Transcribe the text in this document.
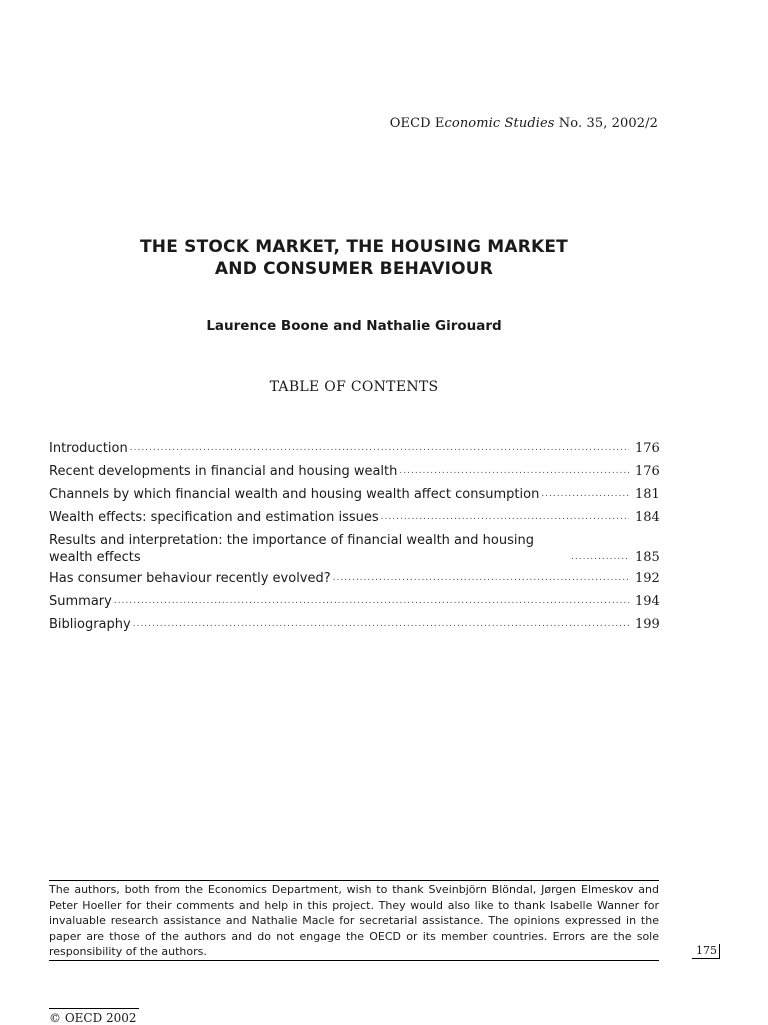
OECD Economic Studies No. 35, 2002/2
THE STOCK MARKET, THE HOUSING MARKET
AND CONSUMER BEHAVIOUR
Laurence Boone and Nathalie Girouard
TABLE OF CONTENTS
Introduction .....	176
Recent developments in financial and housing wealth .....	176
Channels by which financial wealth and housing wealth affect consumption .....	181
Wealth effects: specification and estimation issues .....	184
Results and interpretation: the importance of financial wealth and housing wealth effects .....	185
Has consumer behaviour recently evolved? .....	192
Summary .....	194
Bibliography .....	199
The authors, both from the Economics Department, wish to thank Sveinbjörn Blöndal, Jørgen Elmeskov and Peter Hoeller for their comments and help in this project. They would also like to thank Isabelle Wanner for invaluable research assistance and Nathalie Macle for secretarial assistance. The opinions expressed in the paper are those of the authors and do not engage the OECD or its member countries. Errors are the sole responsibility of the authors.	175
© OECD 2002
